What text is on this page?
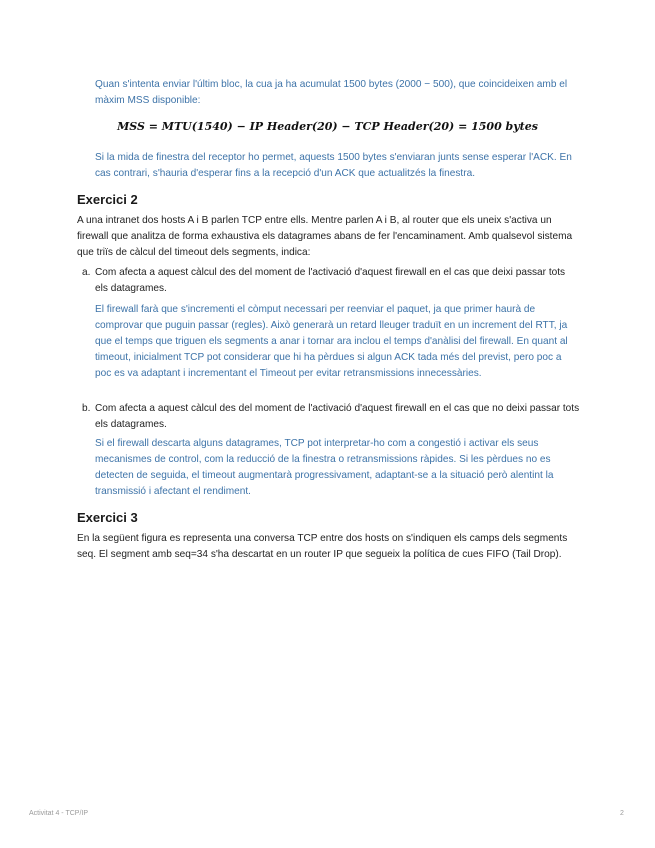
Quan s'intenta enviar l'últim bloc, la cua ja ha acumulat 1500 bytes (2000 − 500), que coincideixen amb el màxim MSS disponible:
MSS = MTU(1540) − IP Header(20) − TCP Header(20) = 1500 bytes
Si la mida de finestra del receptor ho permet, aquests 1500 bytes s'enviaran junts sense esperar l'ACK. En cas contrari, s'hauria d'esperar fins a la recepció d'un ACK que actualitzés la finestra.
Exercici 2
A una intranet dos hosts A i B parlen TCP entre ells. Mentre parlen A i B, al router que els uneix s'activa un firewall que analitza de forma exhaustiva els datagrames abans de fer l'encaminament. Amb qualsevol sistema que triïs de càlcul del timeout dels segments, indica:
a. Com afecta a aquest càlcul des del moment de l'activació d'aquest firewall en el cas que deixi passar tots els datagrames.
El firewall farà que s'incrementi el còmput necessari per reenviar el paquet, ja que primer haurà de comprovar que puguin passar (regles). Això generarà un retard lleuger traduït en un increment del RTT, ja que el temps que triguen els segments a anar i tornar ara inclou el temps d'anàlisi del firewall. En quant al timeout, inicialment TCP pot considerar que hi ha pèrdues si algun ACK tada més del previst, pero poc a poc es va adaptant i incrementant el Timeout per evitar retransmissions innecessàries.
b. Com afecta a aquest càlcul des del moment de l'activació d'aquest firewall en el cas que no deixi passar tots els datagrames.
Si el firewall descarta alguns datagrames, TCP pot interpretar-ho com a congestió i activar els seus mecanismes de control, com la reducció de la finestra o retransmissions ràpides. Si les pèrdues no es detecten de seguida, el timeout augmentarà progressivament, adaptant-se a la situació però alentint la transmissió i afectant el rendiment.
Exercici 3
En la següent figura es representa una conversa TCP entre dos hosts on s'indiquen els camps dels segments seq. El segment amb seq=34 s'ha descartat en un router IP que segueix la política de cues FIFO (Tail Drop).
Activitat 4 - TCP/IP	2
